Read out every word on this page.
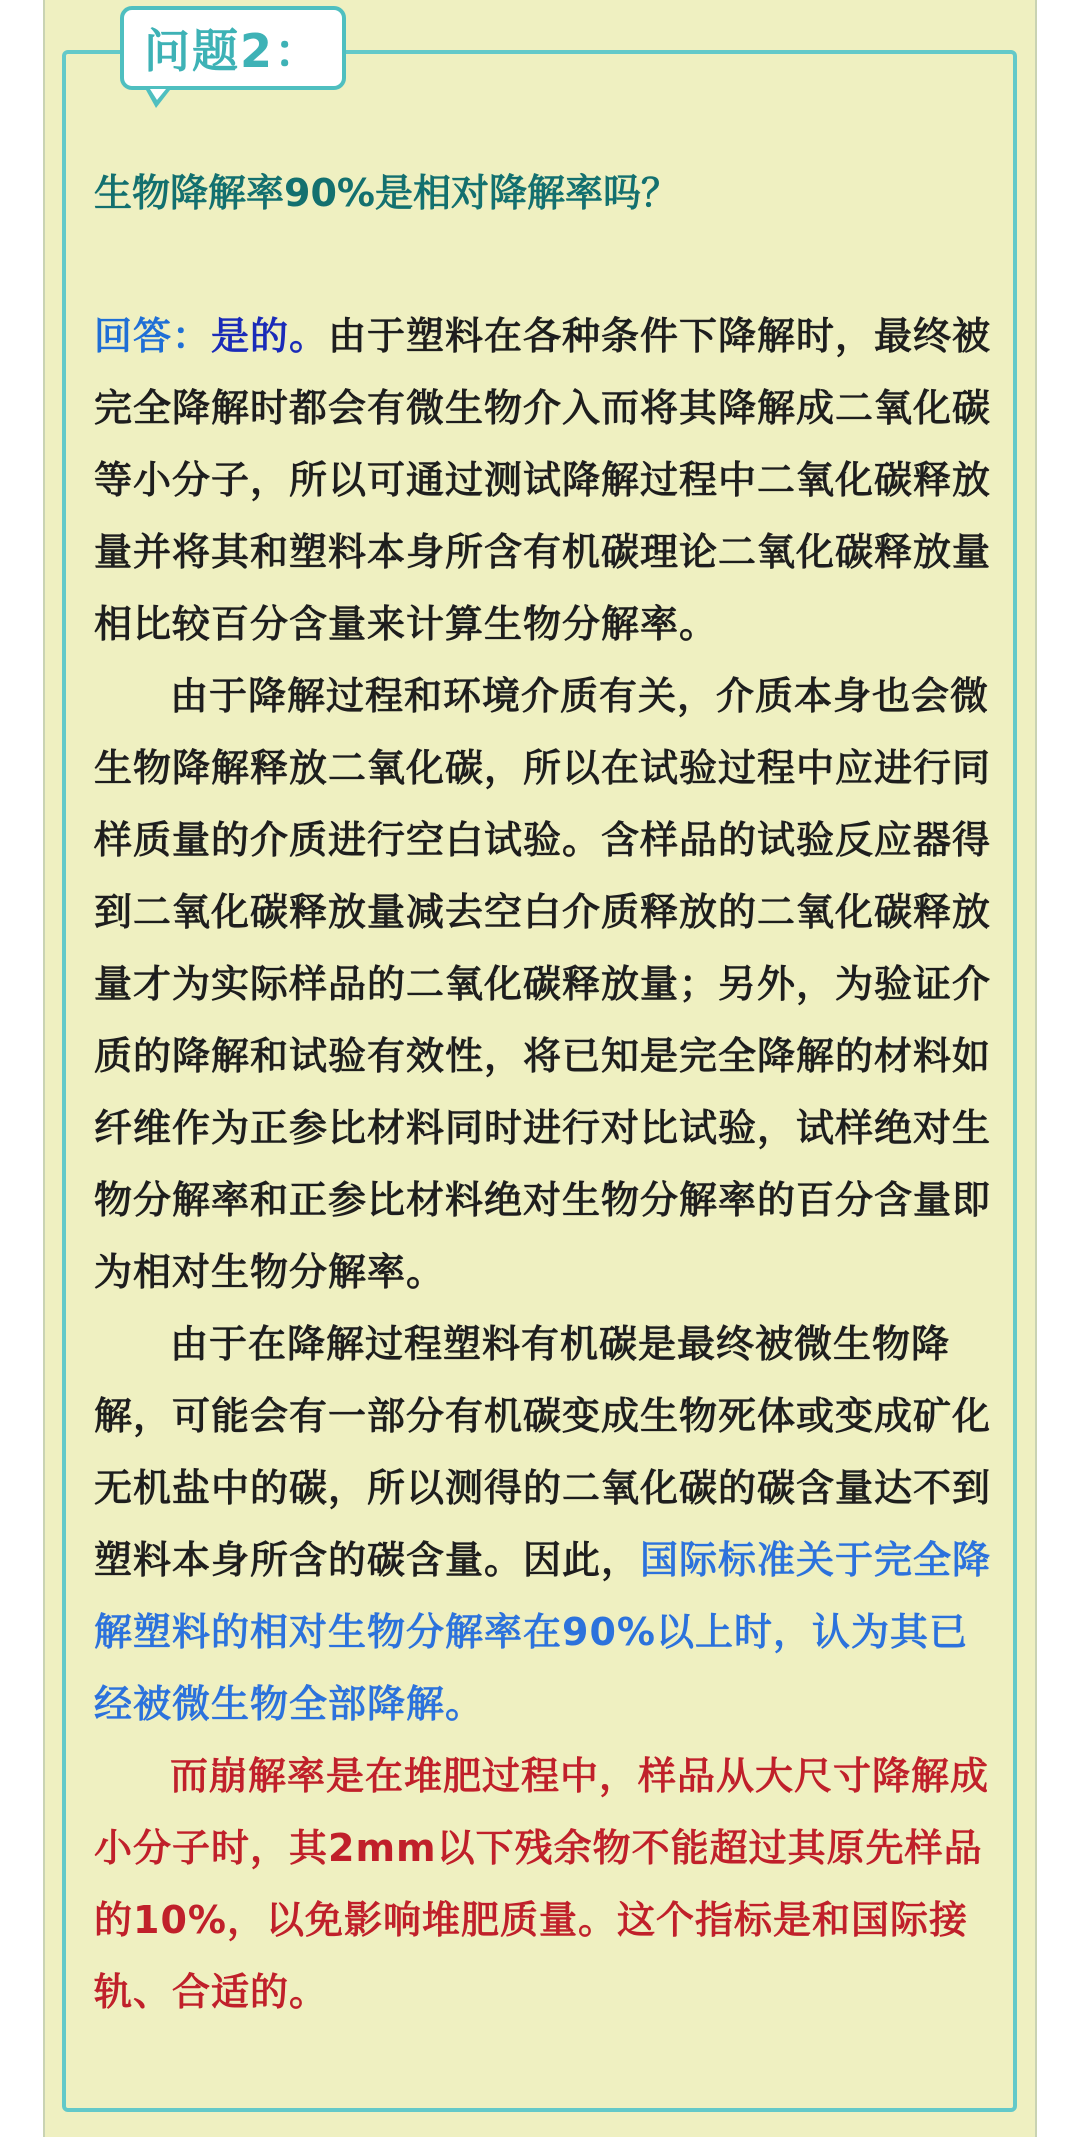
问题2：
生物降解率90%是相对降解率吗？

回答：是的。由于塑料在各种条件下降解时，最终被完全降解时都会有微生物介入而将其降解成二氧化碳等小分子，所以可通过测试降解过程中二氧化碳释放量并将其和塑料本身所含有机碳理论二氧化碳释放量相比较百分含量来计算生物分解率。

由于降解过程和环境介质有关，介质本身也会微生物降解释放二氧化碳，所以在试验过程中应进行同样质量的介质进行空白试验。含样品的试验反应器得到二氧化碳释放量减去空白介质释放的二氧化碳释放量才为实际样品的二氧化碳释放量；另外，为验证介质的降解和试验有效性，将已知是完全降解的材料如纤维作为正参比材料同时进行对比试验，试样绝对生物分解率和正参比材料绝对生物分解率的百分含量即为相对生物分解率。

由于在降解过程塑料有机碳是最终被微生物降解，可能会有一部分有机碳变成生物死体或变成矿化无机盐中的碳，所以测得的二氧化碳的碳含量达不到塑料本身所含的碳含量。因此，国际标准关于完全降解塑料的相对生物分解率在90%以上时，认为其已经被微生物全部降解。

而崩解率是在堆肥过程中，样品从大尺寸降解成小分子时，其2mm以下残余物不能超过其原先样品的10%，以免影响堆肥质量。这个指标是和国际接轨、合适的。
